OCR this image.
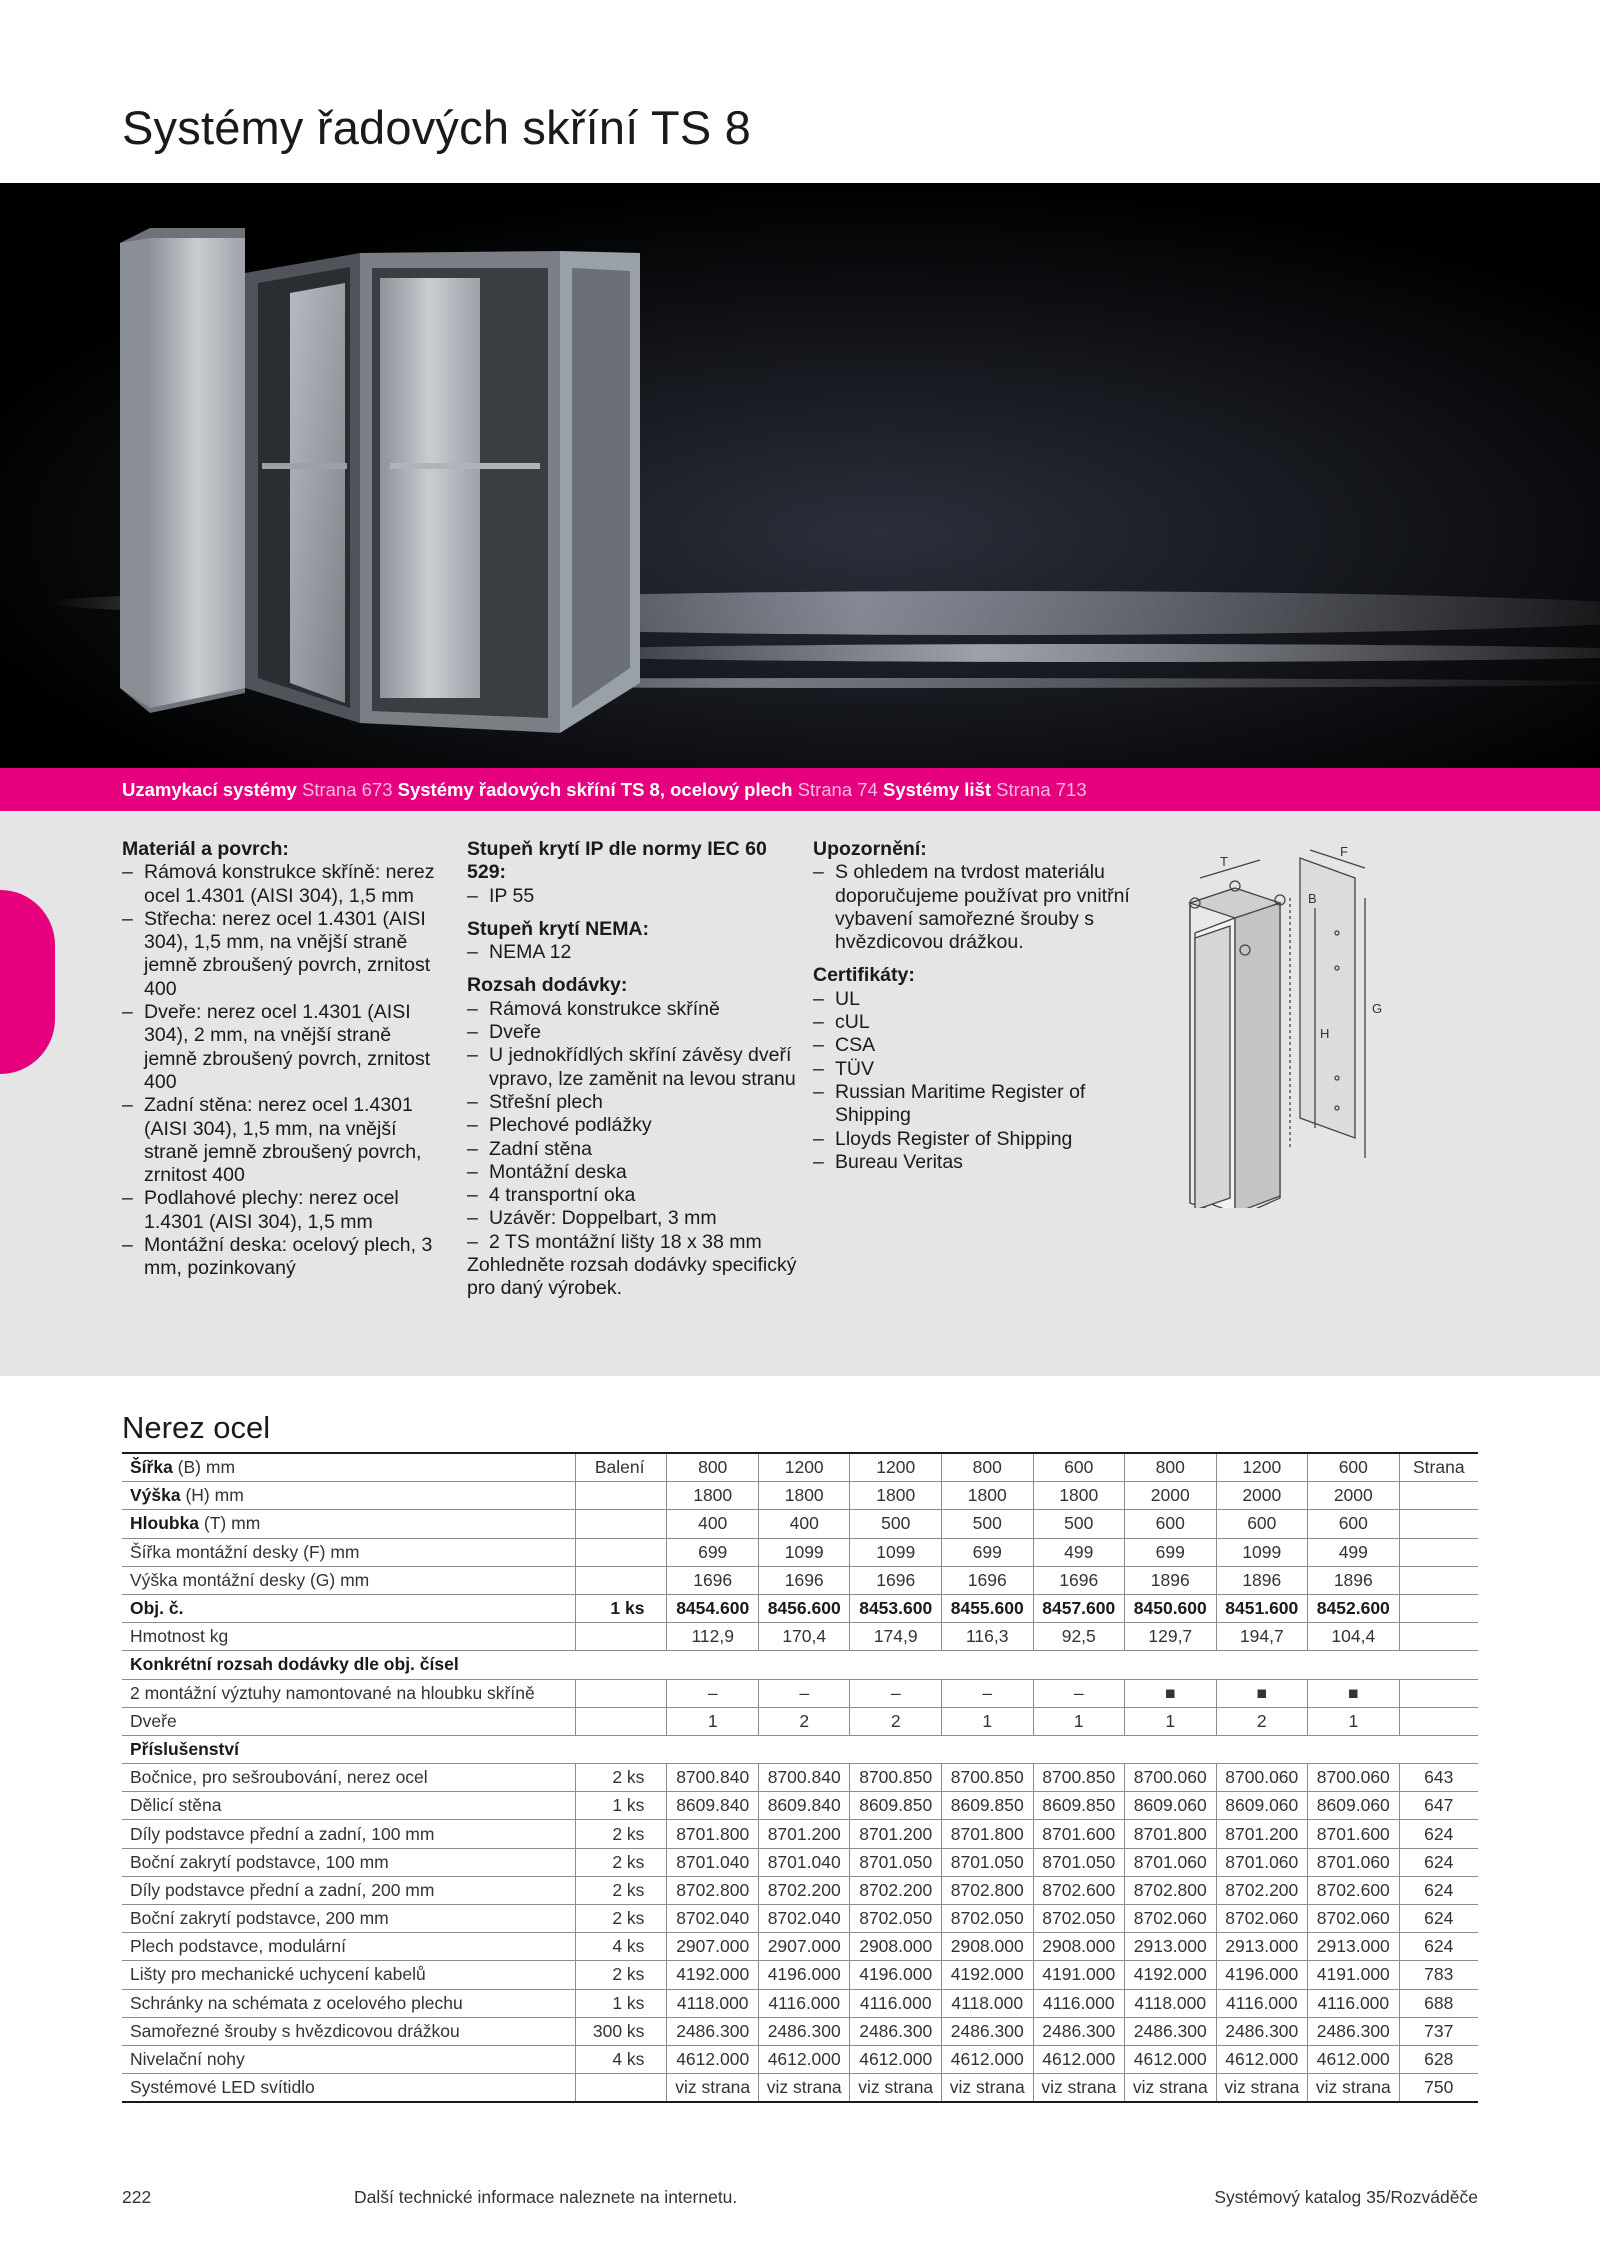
Systémy řadových skříní TS 8
Uzamykací systémy Strana 673 Systémy řadových skříní TS 8, ocelový plech Strana 74 Systémy lišt Strana 713
Materiál a povrch:
– Rámová konstrukce skříně: nerez ocel 1.4301 (AISI 304), 1,5 mm
– Střecha: nerez ocel 1.4301 (AISI 304), 1,5 mm, na vnější straně jemně zbroušený povrch, zrnitost 400
– Dveře: nerez ocel 1.4301 (AISI 304), 2 mm, na vnější straně jemně zbroušený povrch, zrnitost 400
– Zadní stěna: nerez ocel 1.4301 (AISI 304), 1,5 mm, na vnější straně jemně zbroušený povrch, zrnitost 400
– Podlahové plechy: nerez ocel 1.4301 (AISI 304), 1,5 mm
– Montážní deska: ocelový plech, 3 mm, pozinkovaný
Stupeň krytí IP dle normy IEC 60 529:
– IP 55
Stupeň krytí NEMA:
– NEMA 12
Rozsah dodávky:
– Rámová konstrukce skříně
– Dveře
– U jednokřídlých skříní závěsy dveří vpravo, lze zaměnit na levou stranu
– Střešní plech
– Plechové podlážky
– Zadní stěna
– Montážní deska
– 4 transportní oka
– Uzávěr: Doppelbart, 3 mm
– 2 TS montážní lišty 18 x 38 mm
Zohledněte rozsah dodávky specifický pro daný výrobek.
Upozornění:
– S ohledem na tvrdost materiálu doporučujeme používat pro vnitřní vybavení samořezné šrouby s hvězdicovou drážkou.
Certifikáty:
– UL
– cUL
– CSA
– TÜV
– Russian Maritime Register of Shipping
– Lloyds Register of Shipping
– Bureau Veritas
F
T
B
G
H
Nerez ocel
Šířka (B) mm	Balení	800	1200	1200	800	600	800	1200	600	Strana
Výška (H) mm		1800	1800	1800	1800	1800	2000	2000	2000	
Hloubka (T) mm		400	400	500	500	500	600	600	600	
Šířka montážní desky (F) mm		699	1099	1099	699	499	699	1099	499	
Výška montážní desky (G) mm		1696	1696	1696	1696	1696	1896	1896	1896	
Obj. č.	1 ks	8454.600	8456.600	8453.600	8455.600	8457.600	8450.600	8451.600	8452.600	
Hmotnost kg		112,9	170,4	174,9	116,3	92,5	129,7	194,7	104,4	
Konkrétní rozsah dodávky dle obj. čísel										
2 montážní výztuhy namontované na hloubku skříně		–	–	–	–	–	■	■	■	
Dveře		1	2	2	1	1	1	2	1	
Příslušenství										
Bočnice, pro sešroubování, nerez ocel	2 ks	8700.840	8700.840	8700.850	8700.850	8700.850	8700.060	8700.060	8700.060	643
Dělicí stěna	1 ks	8609.840	8609.840	8609.850	8609.850	8609.850	8609.060	8609.060	8609.060	647
Díly podstavce přední a zadní, 100 mm	2 ks	8701.800	8701.200	8701.200	8701.800	8701.600	8701.800	8701.200	8701.600	624
Boční zakrytí podstavce, 100 mm	2 ks	8701.040	8701.040	8701.050	8701.050	8701.050	8701.060	8701.060	8701.060	624
Díly podstavce přední a zadní, 200 mm	2 ks	8702.800	8702.200	8702.200	8702.800	8702.600	8702.800	8702.200	8702.600	624
Boční zakrytí podstavce, 200 mm	2 ks	8702.040	8702.040	8702.050	8702.050	8702.050	8702.060	8702.060	8702.060	624
Plech podstavce, modulární	4 ks	2907.000	2907.000	2908.000	2908.000	2908.000	2913.000	2913.000	2913.000	624
Lišty pro mechanické uchycení kabelů	2 ks	4192.000	4196.000	4196.000	4192.000	4191.000	4192.000	4196.000	4191.000	783
Schránky na schémata z ocelového plechu	1 ks	4118.000	4116.000	4116.000	4118.000	4116.000	4118.000	4116.000	4116.000	688
Samořezné šrouby s hvězdicovou drážkou	300 ks	2486.300	2486.300	2486.300	2486.300	2486.300	2486.300	2486.300	2486.300	737
Nivelační nohy	4 ks	4612.000	4612.000	4612.000	4612.000	4612.000	4612.000	4612.000	4612.000	628
Systémové LED svítidlo		viz strana	viz strana	viz strana	viz strana	viz strana	viz strana	viz strana	viz strana	750
222	Další technické informace naleznete na internetu.	Systémový katalog 35/Rozváděče
